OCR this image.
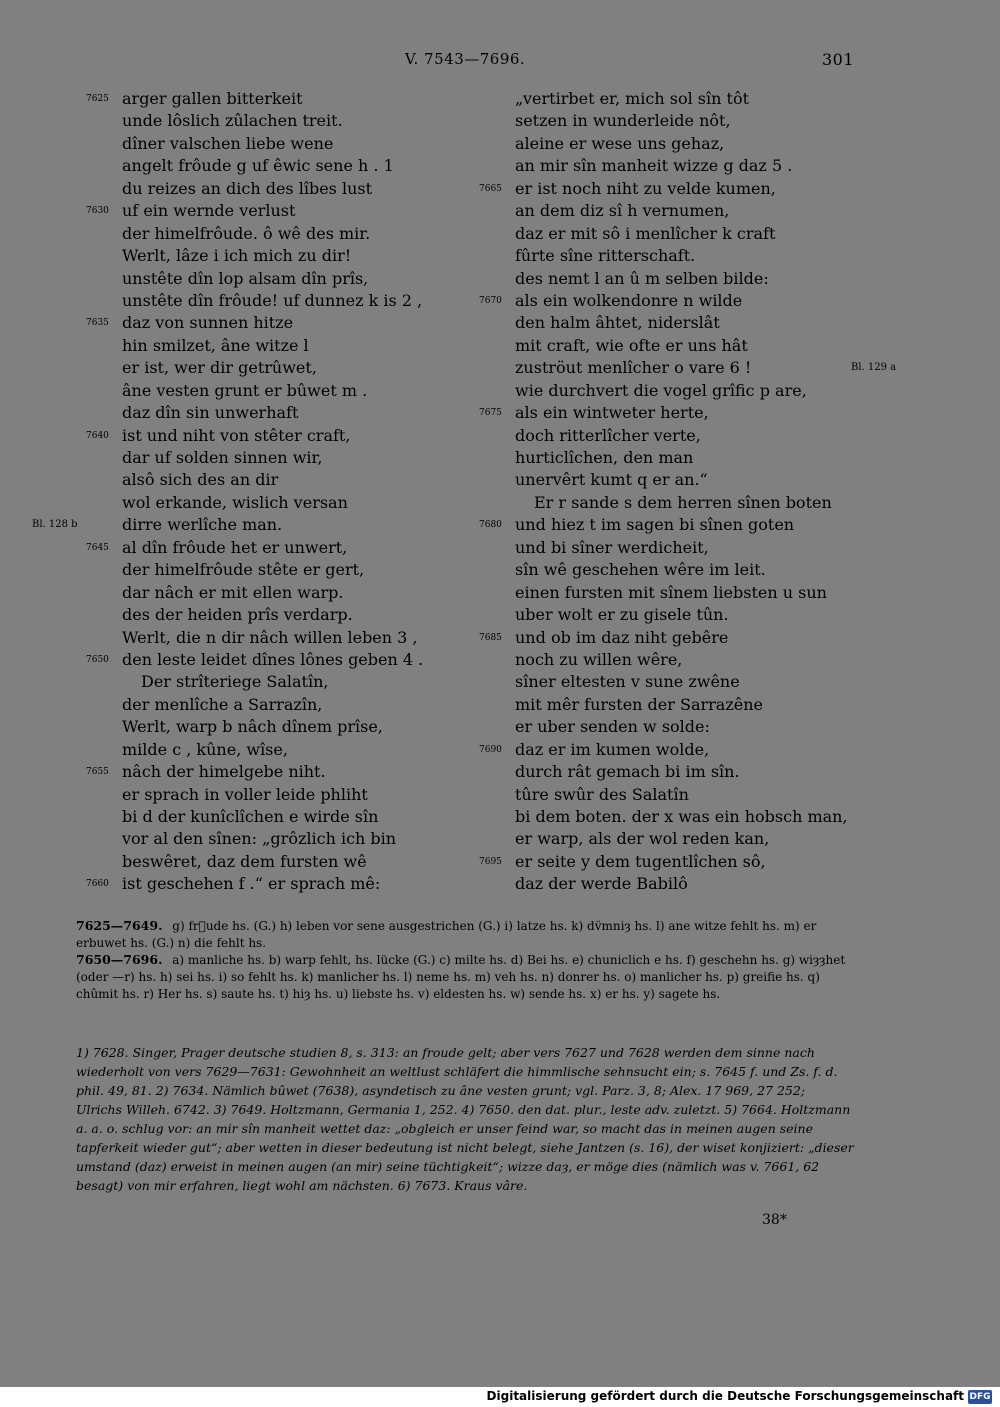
V. 7543—7696.	301
7625 arger gallen bitterkeit
unde lôslich zûlachen treit.
dîner valschen liebe wene
angelt frôude g uf êwic sene h . 1
du reizes an dich des lîbes lust
7630 uf ein wernde verlust
der himelfrôude. ô wê des mir.
Werlt, lâze i ich mich zu dir!
unstête dîn lop alsam dîn prîs,
unstête dîn frôude! uf dunnez k is 2 ,
7635 daz von sunnen hitze
hin smilzet, âne witze l
er ist, wer dir getrûwet,
âne vesten grunt er bûwet m .
daz dîn sin unwerhaft
7640 ist und niht von stêter craft,
dar uf solden sinnen wir,
alsô sich des an dir
wol erkande, wislich versan
Bl. 128 b	dirre werlîche man.
7645 al dîn frôude het er unwert,
der himelfrôude stête er gert,
dar nâch er mit ellen warp.
des der heiden prîs verdarp.
Werlt, die n dir nâch willen leben 3 ,
7650 den leste leidet dînes lônes geben 4 .
Der strîteriege Salatîn,
der menlîche a Sarrazîn,
Werlt, warp b nâch dînem prîse,
milde c , kûne, wîse,
7655 nâch der himelgebe niht.
er sprach in voller leide phliht
bi d der kunîclîchen e wirde sîn
vor al den sînen: „grôzlich ich bin
beswêret, daz dem fursten wê
7660 ist geschehen f .“ er sprach mê:
„vertirbet er, mich sol sîn tôt
setzen in wunderleide nôt,
aleine er wese uns gehaz,
an mir sîn manheit wizze g daz 5 .
7665 er ist noch niht zu velde kumen,
an dem diz sî h vernumen,
daz er mit sô i menlîcher k craft
fûrte sîne ritterschaft.
des nemt l an û m selben bilde:
7670 als ein wolkendonre n wilde
den halm âhtet, niderslât
mit craft, wie ofte er uns hât
Bl. 129 a
zuströut menlîcher o vare 6 !
wie durchvert die vogel grîfic p are,
7675 als ein wintweter herte,
doch ritterlîcher verte,
hurticlîchen, den man
unervêrt kumt q er an.“
Er r sande s dem herren sînen boten
7680 und hiez t im sagen bi sînen goten
und bi sîner werdicheit,
sîn wê geschehen wêre im leit.
einen fursten mit sînem liebsten u sun
uber wolt er zu gisele tûn.
7685 und ob im daz niht gebêre
noch zu willen wêre,
sîner eltesten v sune zwêne
mit mêr fursten der Sarrazêne
er uber senden w solde:
7690 daz er im kumen wolde,
durch rât gemach bi im sîn.
tûre swûr des Salatîn
bi dem boten. der x was ein hobsch man,
er warp, als der wol reden kan,
7695 er seite y dem tugentlîchen sô,
daz der werde Babilô
7625—7649. g) fr᷒ude hs. (G.) h) leben vor sene ausgestrichen (G.) i) latze hs. k) dv̈mniȝ hs. l) ane witze fehlt hs. m) er erbuwet hs. (G.) n) die fehlt hs.
7650—7696. a) manliche hs. b) warp fehlt, hs. lücke (G.) c) milte hs. d) Bei hs. e) chuniclich e hs. f) geschehn hs. g) wiȝȝhet (oder —r) hs. h) sei hs. i) so fehlt hs. k) manlicher hs. l) neme hs. m) veh hs. n) donrer hs. o) manlicher hs. p) greifie hs. q) chûmit hs. r) Her hs. s) saute hs. t) hiȝ hs. u) liebste hs. v) eldesten hs. w) sende hs. x) er hs. y) sagete hs.
1) 7628. Singer, Prager deutsche studien 8, s. 313: an froude gelt; aber vers 7627 und 7628 werden dem sinne nach wiederholt von vers 7629—7631: Gewohnheit an weltlust schläfert die himmlische sehnsucht ein; s. 7645 f. und Zs. f. d. phil. 49, 81. 2) 7634. Nämlich bûwet (7638), asyndetisch zu âne vesten grunt; vgl. Parz. 3, 8; Alex. 17 969, 27 252; Ulrichs Willeh. 6742. 3) 7649. Holtzmann, Germania 1, 252. 4) 7650. den dat. plur., leste adv. zuletzt. 5) 7664. Holtzmann a. a. o. schlug vor: an mir sîn manheit wettet daz: „obgleich er unser feind war, so macht das in meinen augen seine tapferkeit wieder gut“; aber wetten in dieser bedeutung ist nicht belegt, siehe Jantzen (s. 16), der wiset konjiziert: „dieser umstand (daz) erweist in meinen augen (an mir) seine tüchtigkeit“; wizze daȝ, er möge dies (nämlich was v. 7661, 62 besagt) von mir erfahren, liegt wohl am nächsten. 6) 7673. Kraus vâre.
38*
Digitalisierung gefördert durch die Deutsche Forschungsgemeinschaft DFG
